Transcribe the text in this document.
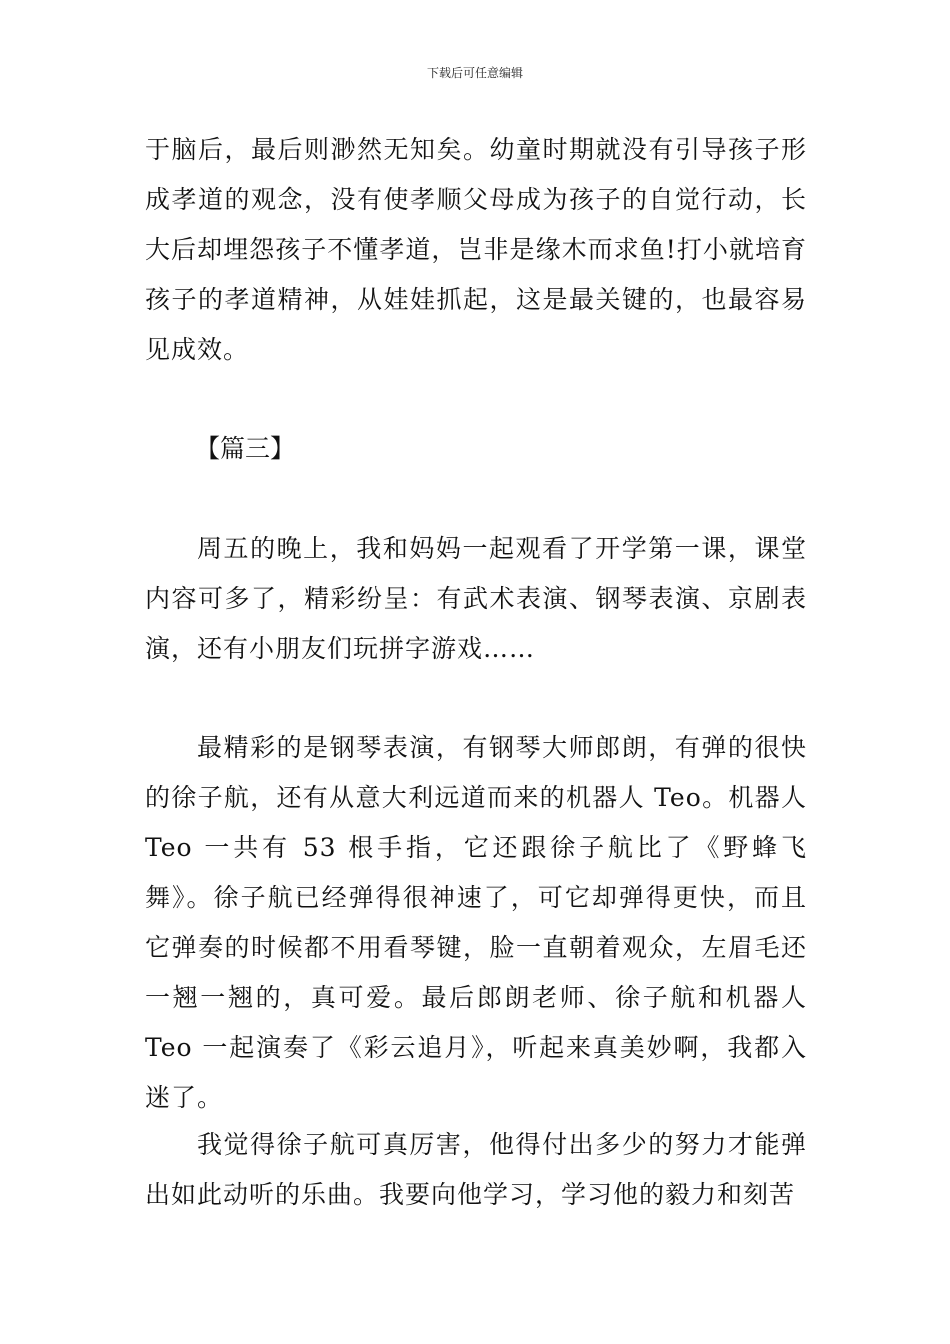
下载后可任意编辑

于脑后，最后则渺然无知矣。幼童时期就没有引导孩子形成孝道的观念，没有使孝顺父母成为孩子的自觉行动，长大后却埋怨孩子不懂孝道，岂非是缘木而求鱼!打小就培育孩子的孝道精神，从娃娃抓起，这是最关键的，也最容易见成效。

【篇三】

周五的晚上，我和妈妈一起观看了开学第一课，课堂内容可多了，精彩纷呈：有武术表演、钢琴表演、京剧表演，还有小朋友们玩拼字游戏……

最精彩的是钢琴表演，有钢琴大师郎朗，有弹的很快的徐子航，还有从意大利远道而来的机器人 Teo。机器人 Teo 一共有 53 根手指，它还跟徐子航比了《野蜂飞舞》。徐子航已经弹得很神速了，可它却弹得更快，而且它弹奏的时候都不用看琴键，脸一直朝着观众，左眉毛还一翘一翘的，真可爱。最后郎朗老师、徐子航和机器人 Teo 一起演奏了《彩云追月》，听起来真美妙啊，我都入迷了。

我觉得徐子航可真厉害，他得付出多少的努力才能弹出如此动听的乐曲。我要向他学习，学习他的毅力和刻苦
